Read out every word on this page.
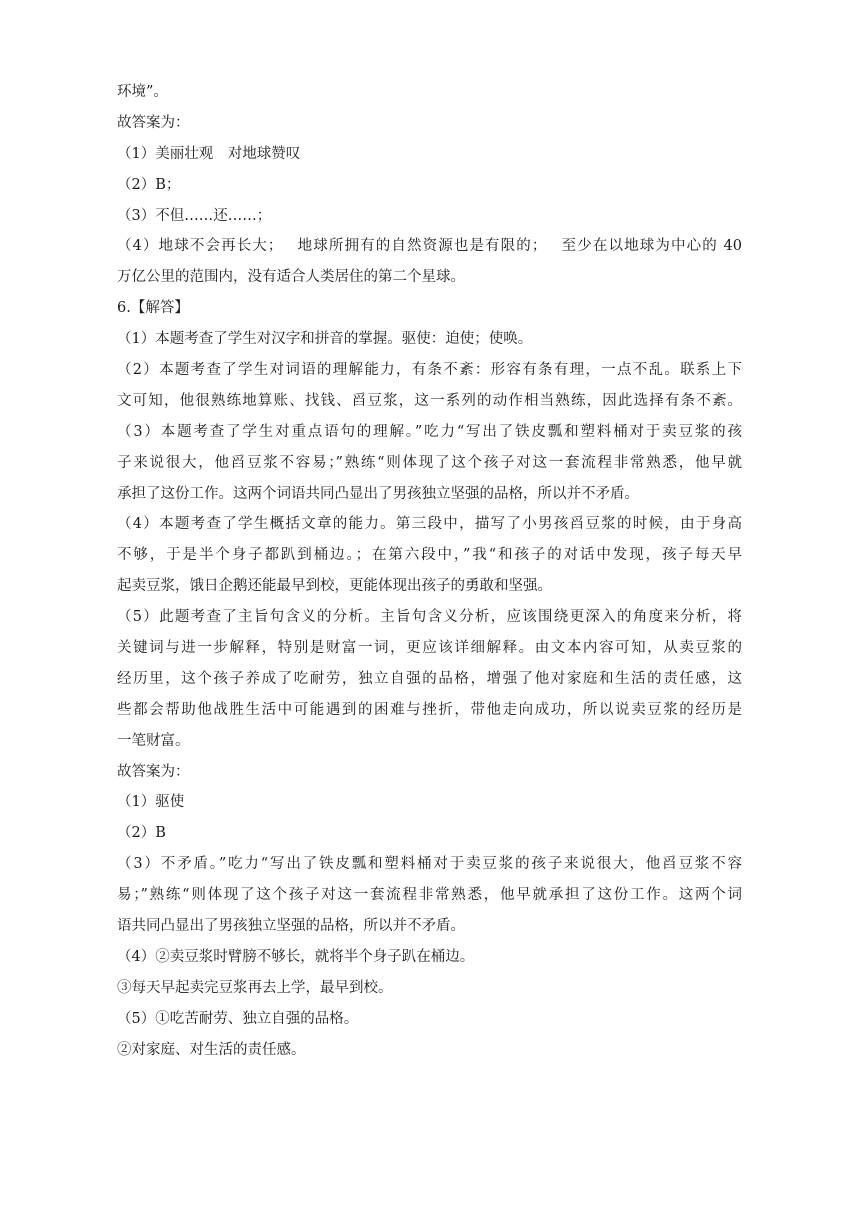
环境”。
故答案为：
（1）美丽壮观　对地球赞叹
（2）B；
（3）不但……还……；
（4）地球不会再长大；　 地球所拥有的自然资源也是有限的；　 至少在以地球为中心的 40
万亿公里的范围内，没有适合人类居住的第二个星球。
6.【解答】
（1）本题考查了学生对汉字和拼音的掌握。驱使：迫使；使唤。
（2）本题考查了学生对词语的理解能力，有条不紊：形容有条有理，一点不乱。联系上下
文可知，他很熟练地算账、找钱、舀豆浆，这一系列的动作相当熟练，因此选择有条不紊。
（3）本题考查了学生对重点语句的理解。”吃力“写出了铁皮瓢和塑料桶对于卖豆浆的孩
子来说很大，他舀豆浆不容易；”熟练“则体现了这个孩子对这一套流程非常熟悉，他早就
承担了这份工作。这两个词语共同凸显出了男孩独立坚强的品格，所以并不矛盾。
（4）本题考查了学生概括文章的能力。第三段中，描写了小男孩舀豆浆的时候，由于身高
不够，于是半个身子都趴到桶边。；在第六段中，”我“和孩子的对话中发现，孩子每天早
起卖豆浆，饿日企鹅还能最早到校，更能体现出孩子的勇敢和坚强。
（5）此题考查了主旨句含义的分析。主旨句含义分析，应该围绕更深入的角度来分析，将
关键词与进一步解释，特别是财富一词，更应该详细解释。由文本内容可知，从卖豆浆的
经历里，这个孩子养成了吃耐劳，独立自强的品格，增强了他对家庭和生活的责任感，这
些都会帮助他战胜生活中可能遇到的困难与挫折，带他走向成功，所以说卖豆浆的经历是
一笔财富。
故答案为：
（1）驱使
（2）B
（3）不矛盾。”吃力“写出了铁皮瓢和塑料桶对于卖豆浆的孩子来说很大，他舀豆浆不容
易；”熟练“则体现了这个孩子对这一套流程非常熟悉，他早就承担了这份工作。这两个词
语共同凸显出了男孩独立坚强的品格，所以并不矛盾。
（4）②卖豆浆时臂膀不够长，就将半个身子趴在桶边。
③每天早起卖完豆浆再去上学，最早到校。
（5）①吃苦耐劳、独立自强的品格。
②对家庭、对生活的责任感。
